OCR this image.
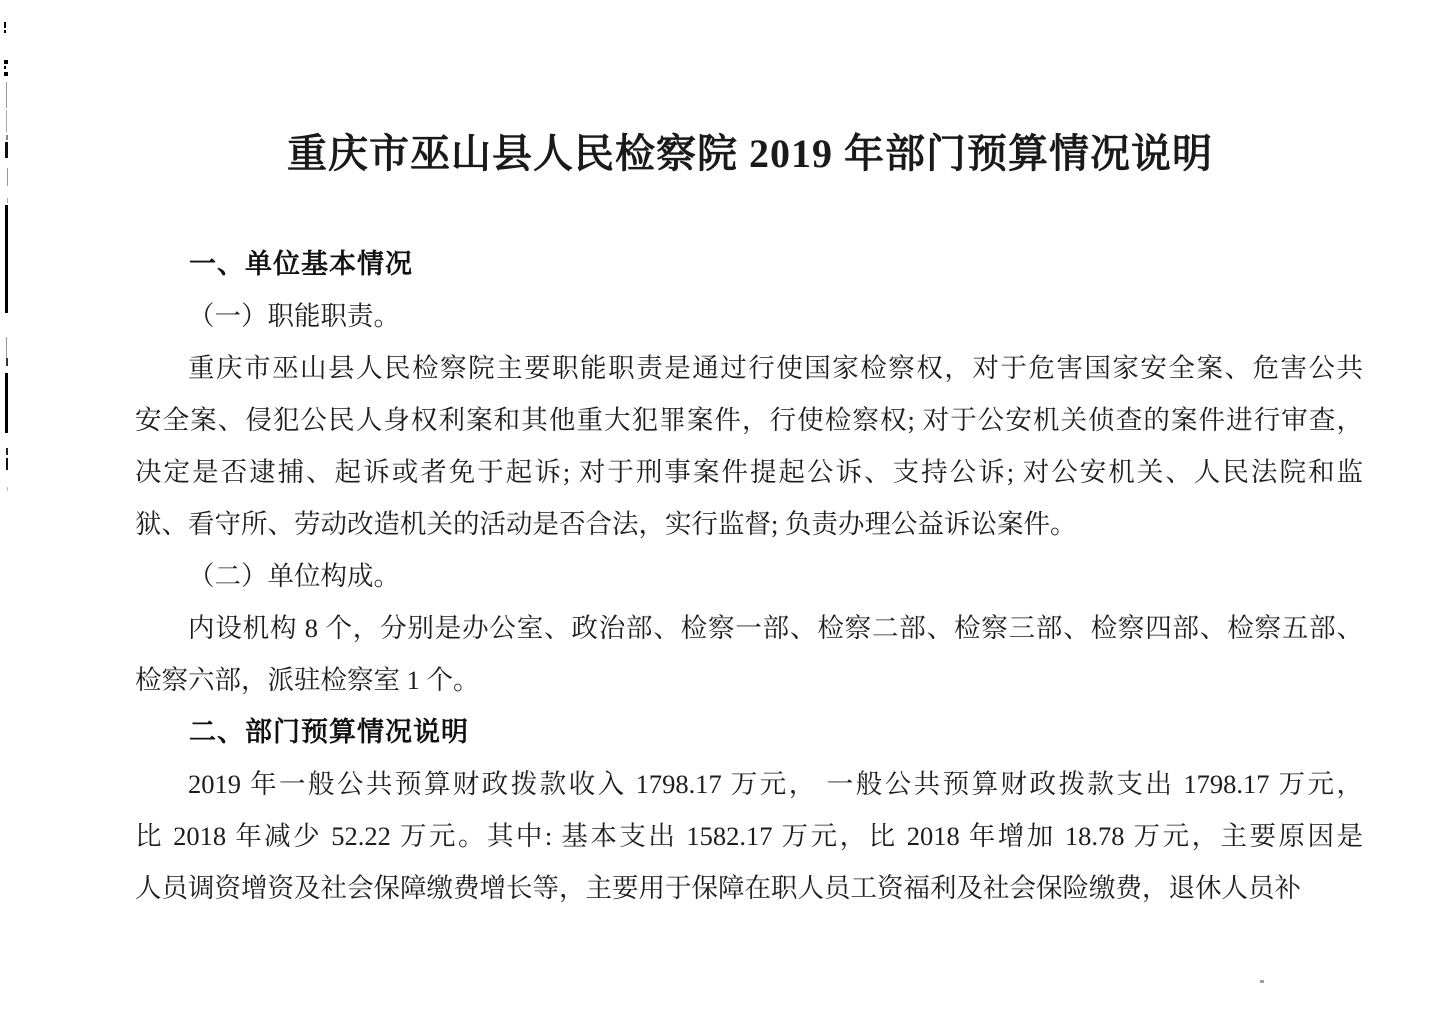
重庆市巫山县人民检察院 2019 年部门预算情况说明
一、单位基本情况
（一）职能职责。
重庆市巫山县人民检察院主要职能职责是通过行使国家检察权，对于危害国家安全案、危害公共
安全案、侵犯公民人身权利案和其他重大犯罪案件，行使检察权; 对于公安机关侦查的案件进行审查，
决定是否逮捕、起诉或者免于起诉; 对于刑事案件提起公诉、支持公诉; 对公安机关、人民法院和监
狱、看守所、劳动改造机关的活动是否合法，实行监督; 负责办理公益诉讼案件。
（二）单位构成。
内设机构 8 个，分别是办公室、政治部、检察一部、检察二部、检察三部、检察四部、检察五部、
检察六部，派驻检察室 1 个。
二、部门预算情况说明
2019 年一般公共预算财政拨款收入 1798.17 万元， 一般公共预算财政拨款支出 1798.17 万元，
比 2018 年减少 52.22 万元。其中: 基本支出 1582.17 万元，比 2018 年增加 18.78 万元，主要原因是
人员调资增资及社会保障缴费增长等，主要用于保障在职人员工资福利及社会保险缴费，退休人员补
